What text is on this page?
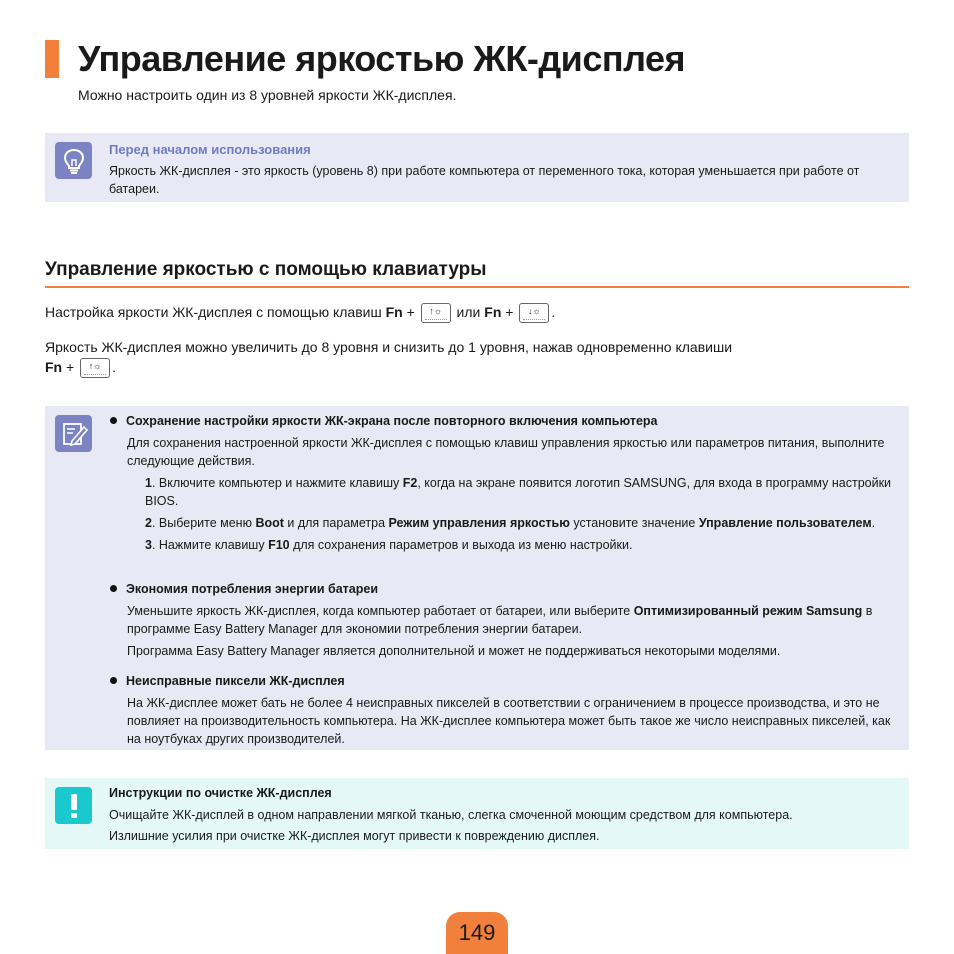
Управление яркостью ЖК-дисплея
Можно настроить один из 8 уровней яркости ЖК-дисплея.
Перед началом использования
Яркость ЖК-дисплея - это яркость (уровень 8) при работе компьютера от переменного тока, которая уменьшается при работе от батареи.
Управление яркостью с помощью клавиатуры
Настройка яркости ЖК-дисплея с помощью клавиш Fn + ↑☼ или Fn + ↓☼ .
Яркость ЖК-дисплея можно увеличить до 8 уровня и снизить до 1 уровня, нажав одновременно клавиши
Fn + ↑☼ .
Сохранение настройки яркости ЖК-экрана после повторного включения компьютера
Для сохранения настроенной яркости ЖК-дисплея с помощью клавиш управления яркостью или параметров питания, выполните следующие действия.
1. Включите компьютер и нажмите клавишу F2, когда на экране появится логотип SAMSUNG, для входа в программу настройки BIOS.
2. Выберите меню Boot и для параметра Режим управления яркостью установите значение Управление пользователем.
3. Нажмите клавишу F10 для сохранения параметров и выхода из меню настройки.
Экономия потребления энергии батареи
Уменьшите яркость ЖК-дисплея, когда компьютер работает от батареи, или выберите Оптимизированный режим Samsung в программе Easy Battery Manager для экономии потребления энергии батареи.
Программа Easy Battery Manager является дополнительной и может не поддерживаться некоторыми моделями.
Неисправные пиксели ЖК-дисплея
На ЖК-дисплее может бать не более 4 неисправных пикселей в соответствии с ограничением в процессе производства, и это не повлияет на производительность компьютера. На ЖК-дисплее компьютера может быть такое же число неисправных пикселей, как на ноутбуках других производителей.
Инструкции по очистке ЖК-дисплея
Очищайте ЖК-дисплей в одном направлении мягкой тканью, слегка смоченной моющим средством для компьютера.
Излишние усилия при очистке ЖК-дисплея могут привести к повреждению дисплея.
149
